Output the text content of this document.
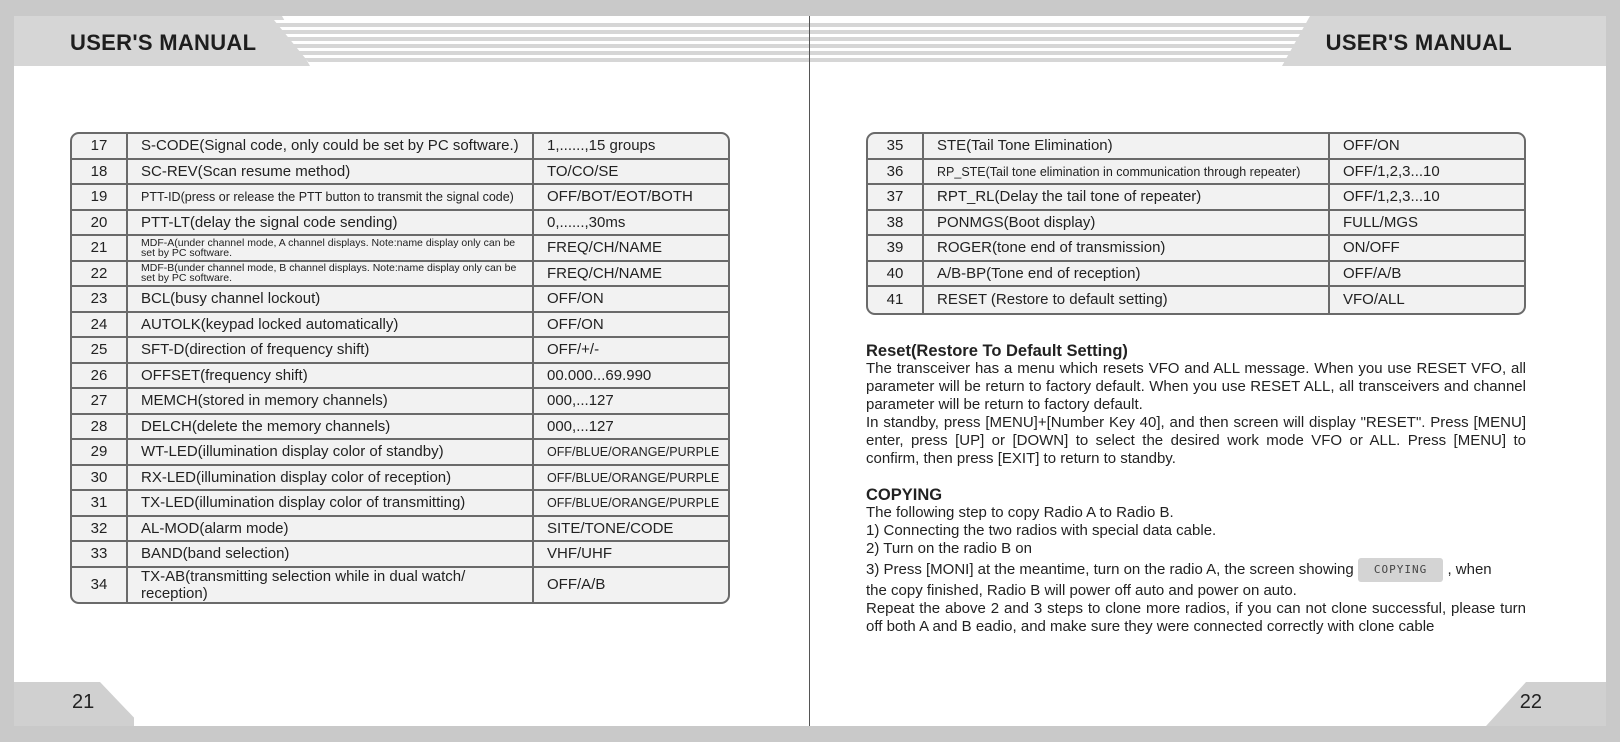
USER'S MANUAL
17	S-CODE(Signal code, only could be set by PC software.)	1,......,15 groups
18	SC-REV(Scan resume method)	TO/CO/SE
19	PTT-ID(press or release the PTT button to transmit the signal code)	OFF/BOT/EOT/BOTH
20	PTT-LT(delay the signal code sending)	0,......,30ms
21	MDF-A(under channel mode, A channel displays. Note:name display only can be set by PC software.	FREQ/CH/NAME
22	MDF-B(under channel mode, B channel displays. Note:name display only can be set by PC software.	FREQ/CH/NAME
23	BCL(busy channel lockout)	OFF/ON
24	AUTOLK(keypad locked automatically)	OFF/ON
25	SFT-D(direction of frequency shift)	OFF/+/-
26	OFFSET(frequency shift)	00.000...69.990
27	MEMCH(stored in memory channels)	000,...127
28	DELCH(delete the memory channels)	000,...127
29	WT-LED(illumination display color of standby)	OFF/BLUE/ORANGE/PURPLE
30	RX-LED(illumination display color of reception)	OFF/BLUE/ORANGE/PURPLE
31	TX-LED(illumination display color of transmitting)	OFF/BLUE/ORANGE/PURPLE
32	AL-MOD(alarm mode)	SITE/TONE/CODE
33	BAND(band selection)	VHF/UHF
34	TX-AB(transmitting selection while in dual watch/ reception)	OFF/A/B
21
USER'S MANUAL
35	STE(Tail Tone Elimination)	OFF/ON
36	RP_STE(Tail tone elimination in communication through repeater)	OFF/1,2,3...10
37	RPT_RL(Delay the tail tone of repeater)	OFF/1,2,3...10
38	PONMGS(Boot display)	FULL/MGS
39	ROGER(tone end of transmission)	ON/OFF
40	A/B-BP(Tone end of reception)	OFF/A/B
41	RESET (Restore to default setting)	VFO/ALL
Reset(Restore To Default Setting)

The transceiver has a menu which resets VFO and ALL message. When you use RESET VFO, all parameter will be return to factory default. When you use RESET ALL, all transceivers and channel parameter will be return to factory default.

In standby, press [MENU]+[Number Key 40], and then screen will display "RESET". Press [MENU] enter, press [UP] or [DOWN] to select the desired work mode VFO or ALL. Press [MENU] to confirm, then press [EXIT] to return to standby.

COPYING

The following step to copy Radio A to Radio B.

1) Connecting the two radios with special data cable.

2) Turn on the radio B on

3) Press [MONI] at the meantime, turn on the radio A, the screen showing COPYING , when

the copy finished, Radio B will power off auto and power on auto.

Repeat the above 2 and 3 steps to clone more radios, if you can not clone successful, please turn off both A and B eadio, and make sure they were connected correctly with clone cable

22
